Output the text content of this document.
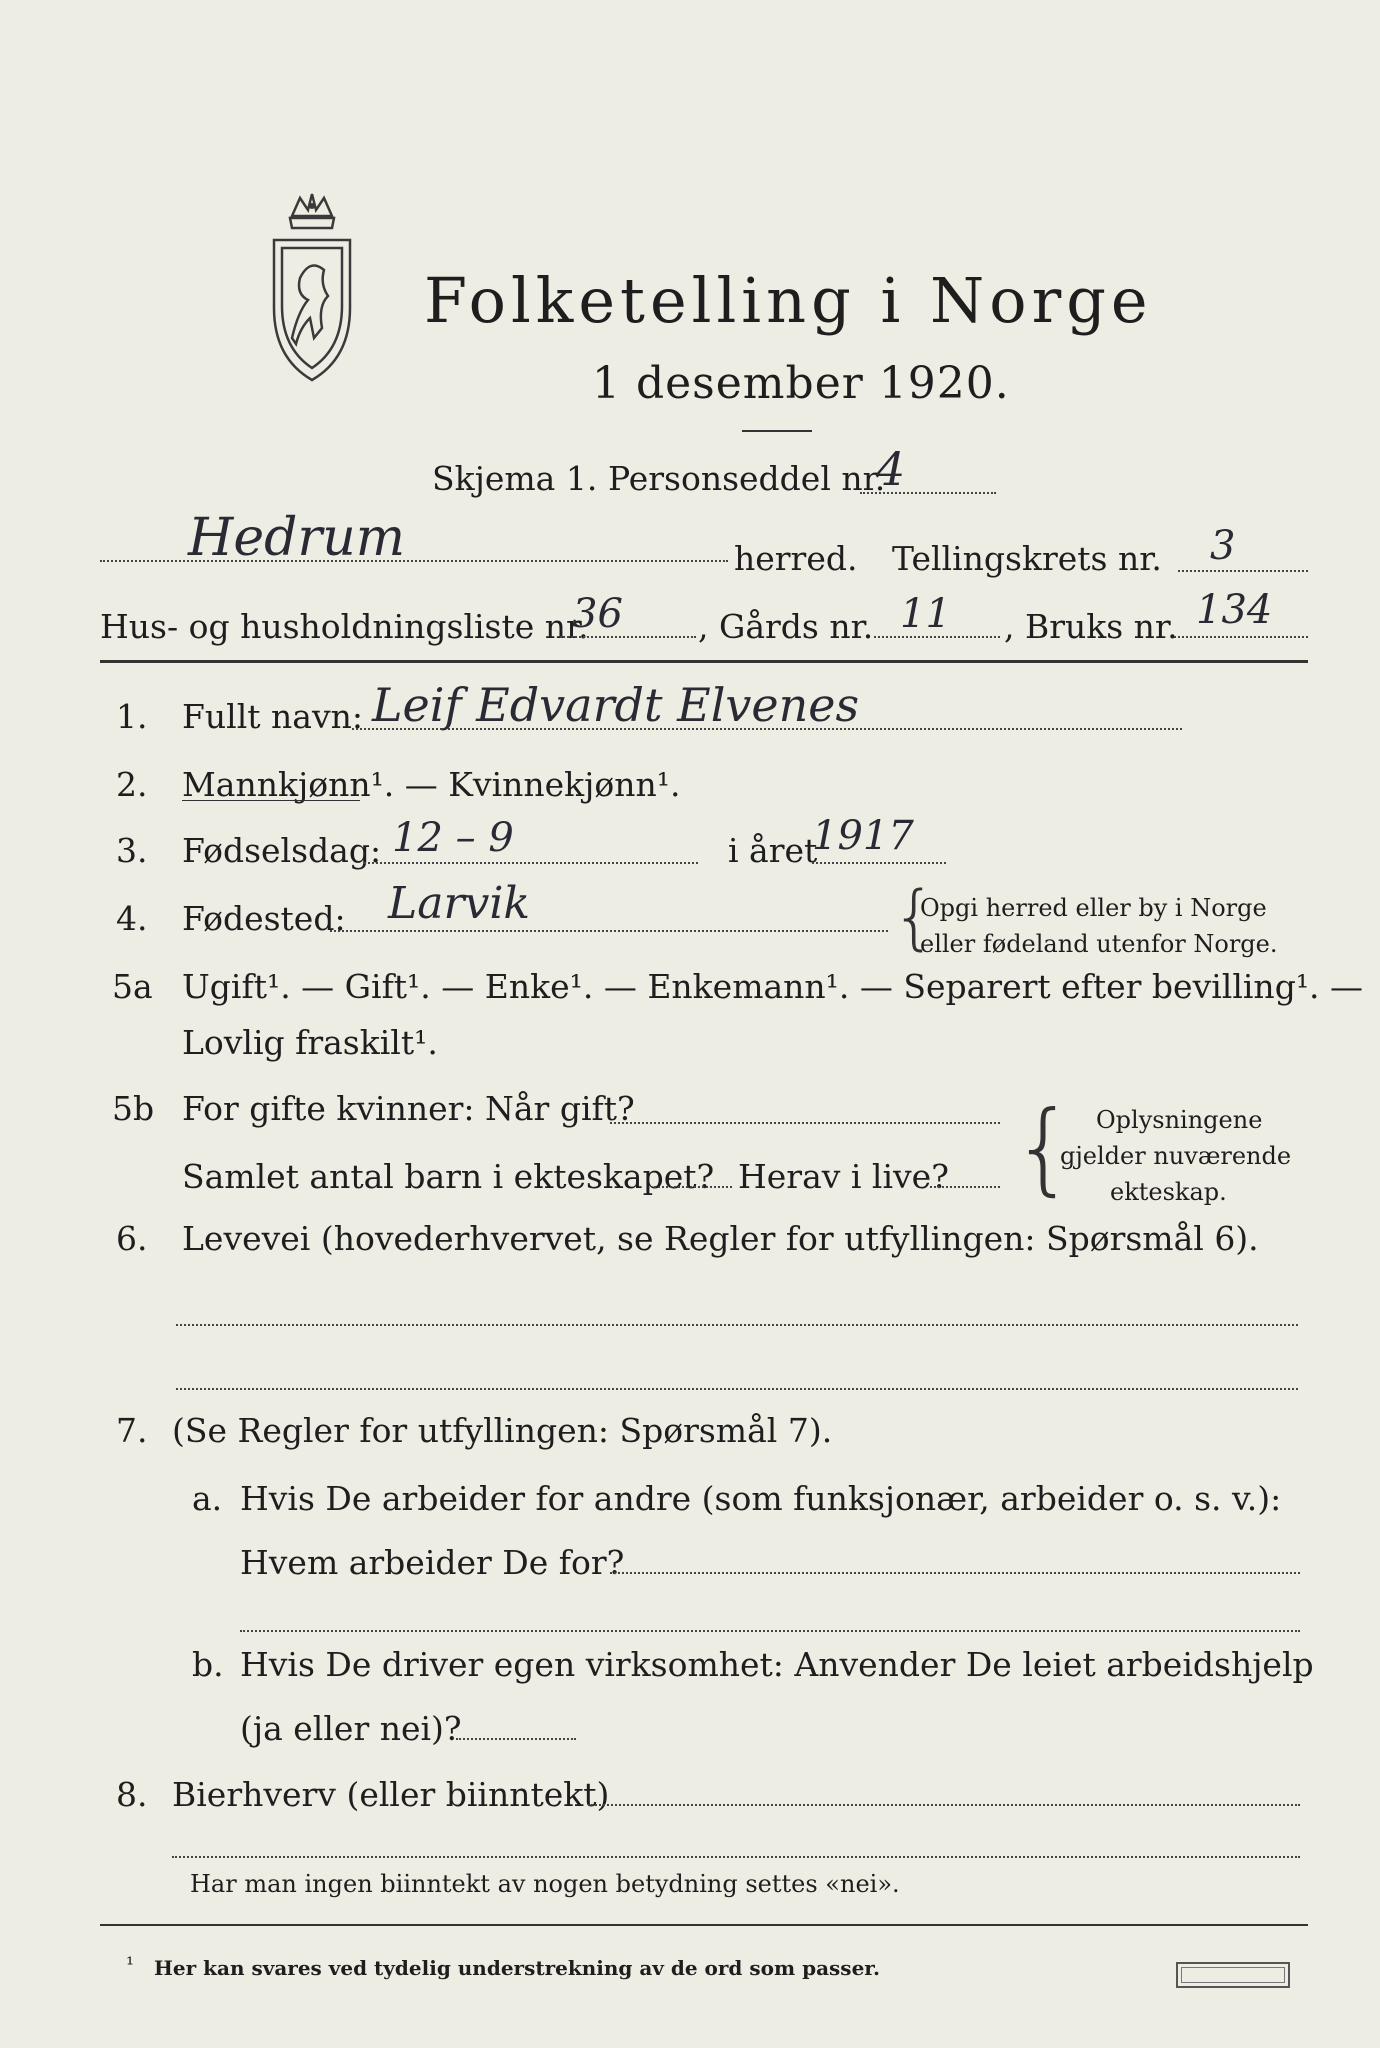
Folketelling i Norge
1 desember 1920.
Skjema 1. Personseddel nr.
4
Hedrum	herred. Tellingskrets nr. 3
Hus- og husholdningsliste nr.
36 , Gårds nr. 11 , Bruks nr. 134
1. Fullt navn: Leif Edvardt Elvenes
2. Mannkjønn¹. — Kvinnekjønn¹.
3. Fødselsdag: 12 – 9	i året
1917
4. Fødested: Larvik	{
Opgi herred eller by i Norge
eller fødeland utenfor Norge.
5a Ugift¹. — Gift¹. — Enke¹. — Enkemann¹. — Separert efter bevilling¹. —
Lovlig fraskilt¹.
5b For gifte kvinner: Når gift?
Samlet antal barn i ekteskapet? Herav i live? { Oplysningene
gjelder nuværende
ekteskap.
6. Levevei (hovederhvervet, se Regler for utfyllingen: Spørsmål 6).
7. (Se Regler for utfyllingen: Spørsmål 7).
a. Hvis De arbeider for andre (som funksjonær, arbeider o. s. v.):
Hvem arbeider De for?
b. Hvis De driver egen virksomhet: Anvender De leiet arbeidshjelp
(ja eller nei)?
8. Bierhverv (eller biinntekt)
Har man ingen biinntekt av nogen betydning settes «nei».
¹ Her kan svares ved tydelig understrekning av de ord som passer.
